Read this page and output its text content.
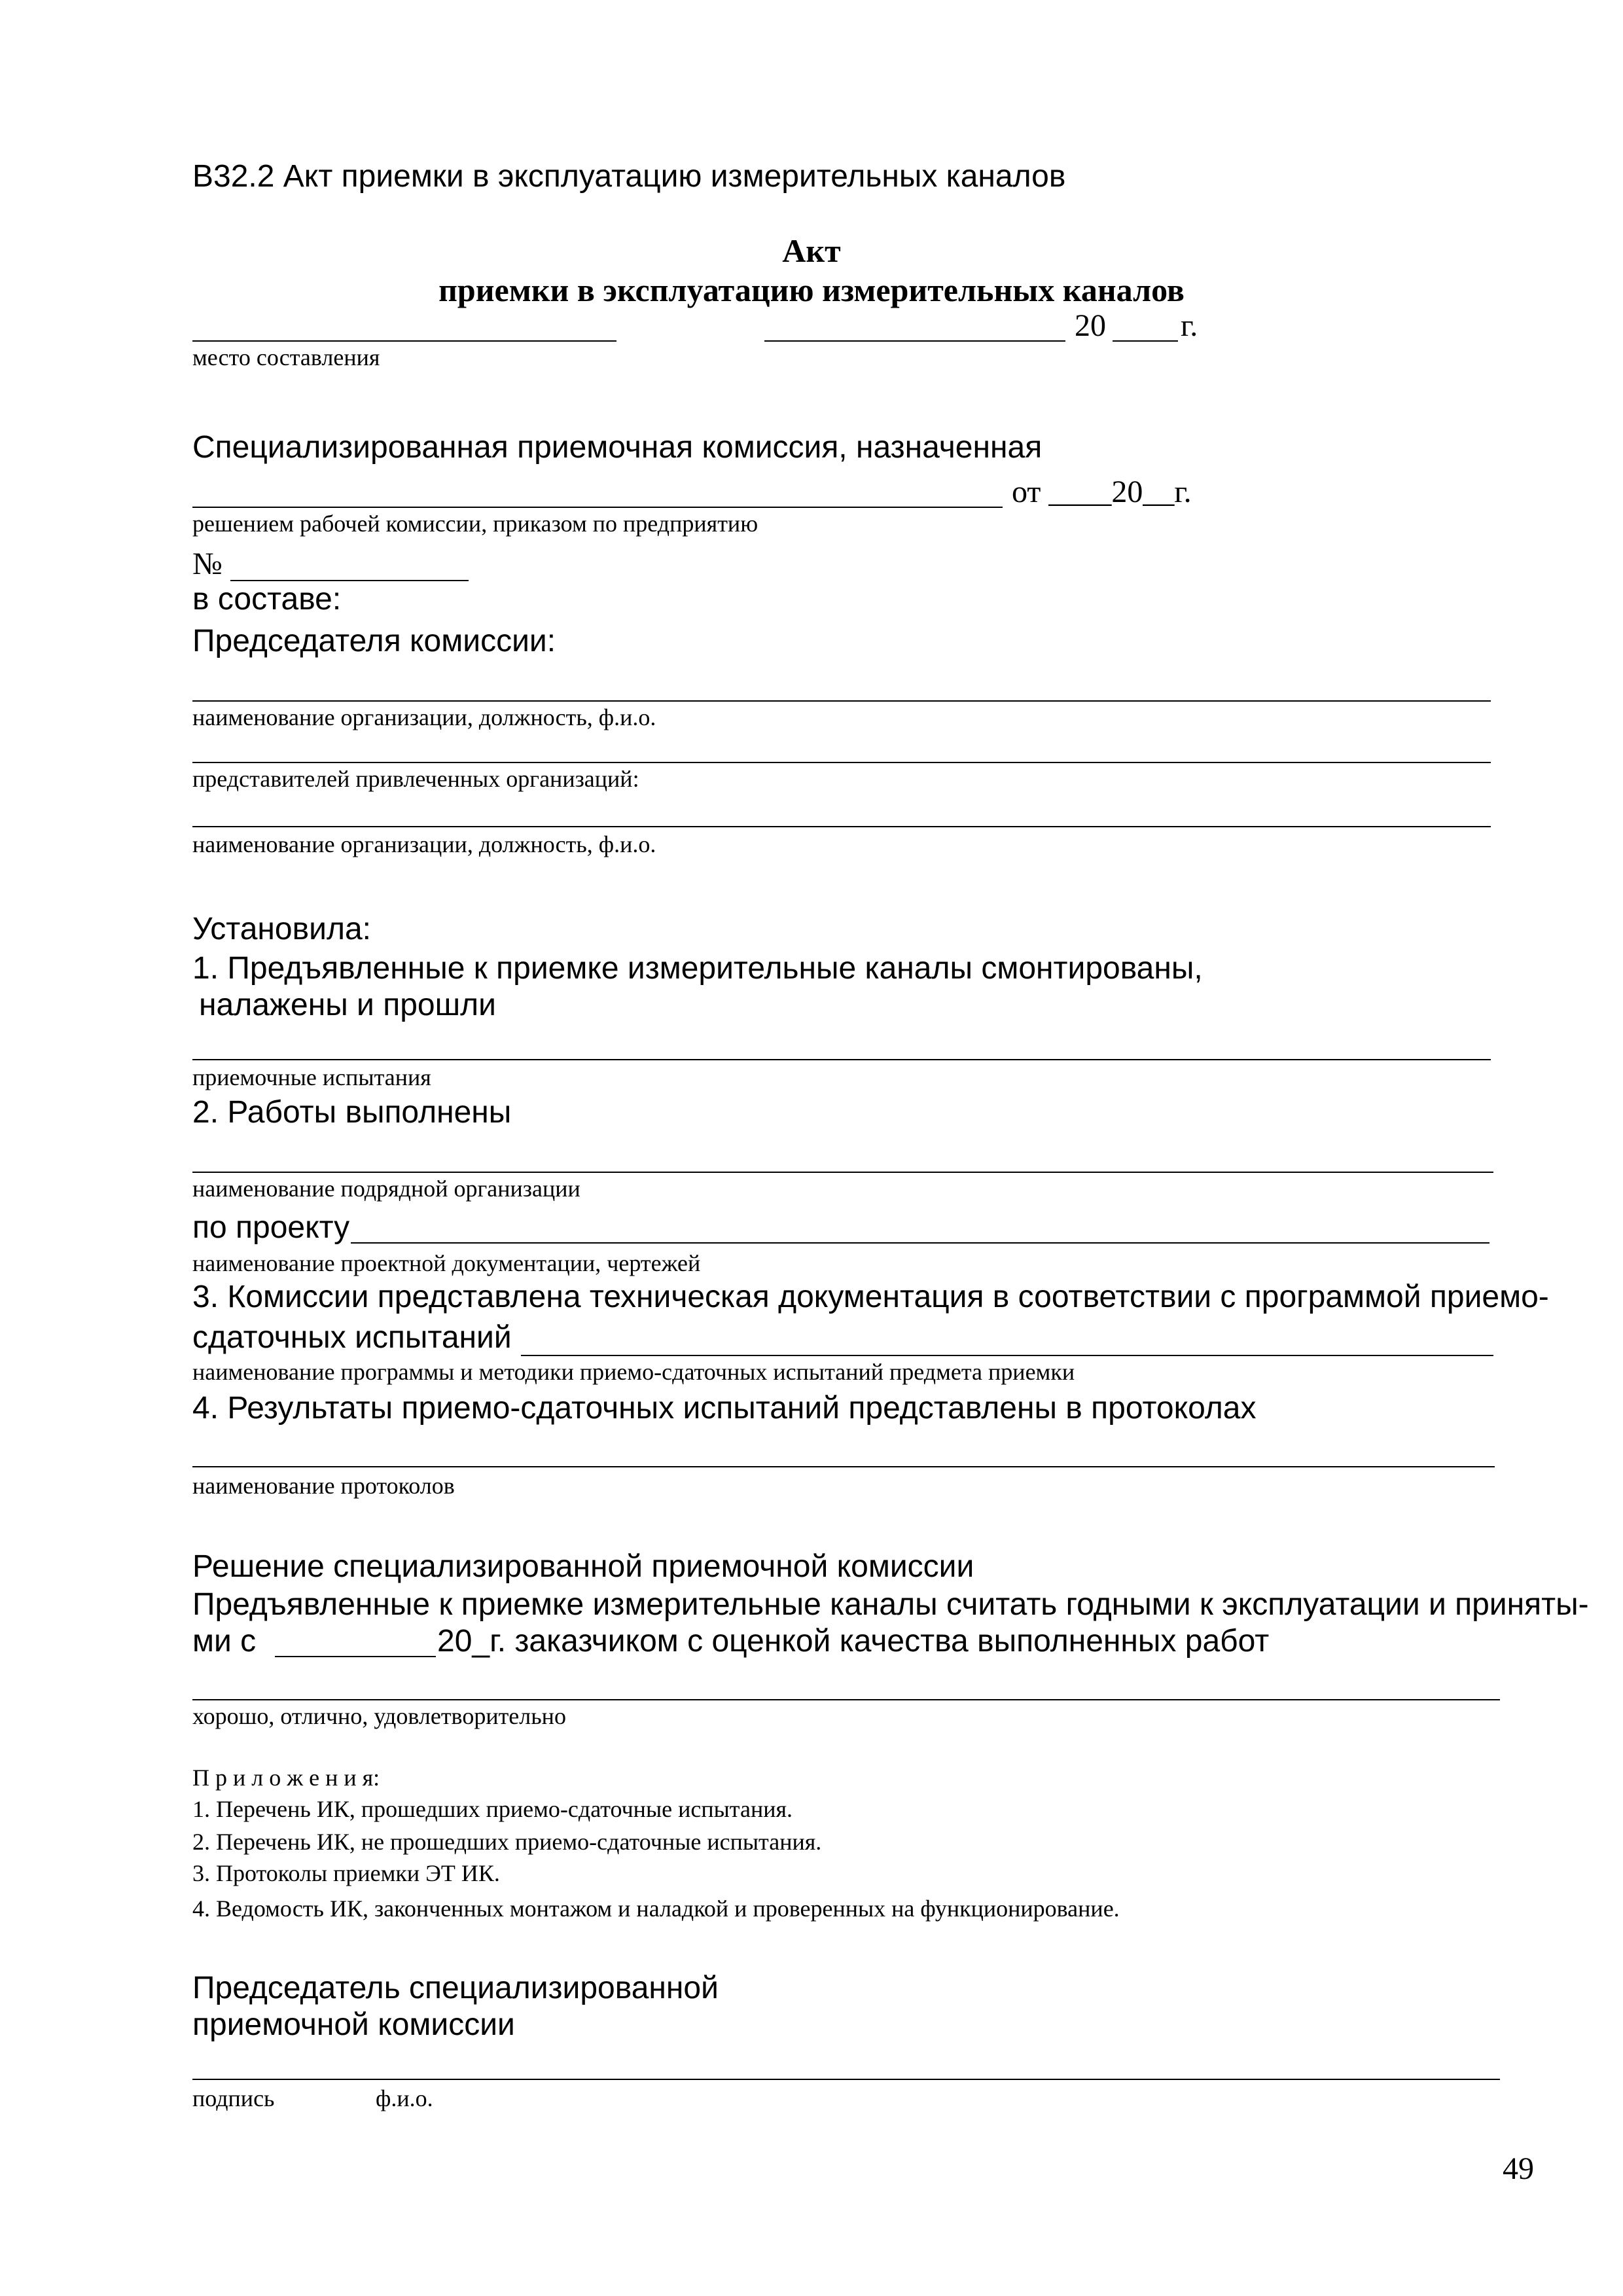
В32.2 Акт приемки в эксплуатацию измерительных каналов
Акт
приемки в эксплуатацию измерительных каналов
20 г.
место составления
Специализированная приемочная комиссия, назначенная
от ____20__г.
решением рабочей комиссии, приказом по предприятию
№
в составе:
Председателя комиссии:
наименование организации, должность, ф.и.о.
представителей привлеченных организаций:
наименование организации, должность, ф.и.о.
Установила:
1. Предъявленные к приемке измерительные каналы смонтированы,
налажены и прошли
приемочные испытания
2. Работы выполнены
наименование подрядной организации
по проекту
наименование проектной документации, чертежей
3. Комиссии представлена техническая документация в соответствии с программой приемо-
сдаточных испытаний
наименование программы и методики приемо-сдаточных испытаний предмета приемки
4. Результаты приемо-сдаточных испытаний представлены в протоколах
наименование протоколов
Решение специализированной приемочной комиссии
Предъявленные к приемке измерительные каналы считать годными к эксплуатации и приняты-
ми с	20_г. заказчиком с оценкой качества выполненных работ
хорошо, отлично, удовлетворительно
П р и л о ж е н и я:
1. Перечень ИК, прошедших приемо-сдаточные испытания.
2. Перечень ИК, не прошедших приемо-сдаточные испытания.
3. Протоколы приемки ЭТ ИК.
4. Ведомость ИК, законченных монтажом и наладкой и проверенных на функционирование.
Председатель специализированной
приемочной комиссии
подпись	ф.и.о.
49
